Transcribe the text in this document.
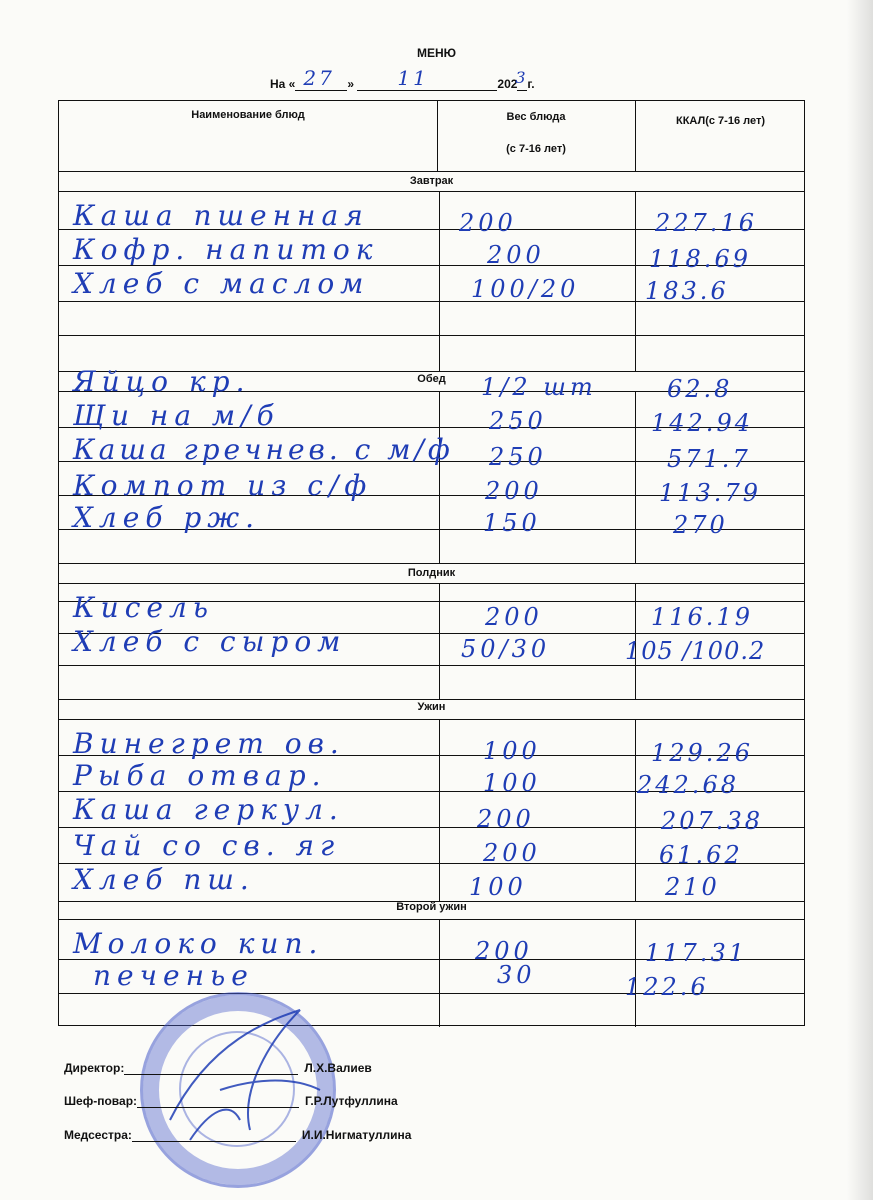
МЕНЮ
На « 27 » 11	202
3
г.
Наименование блюд	Вес блюда
(с 7-16 лет)
ККАЛ(с 7-16 лет)
Завтрак
Каша пшенная	200	227.16
Кофр. напиток	200	118.69
Хлеб с маслом	100/20	183.6
Обед
Яйцо кр.	1/2 шт	62.8
Щи на м/б	250	142.94
Каша гречнев. с м/ф 250	571.7
Компот из с/ф	200	113.79
Хлеб рж.	150	270
Полдник
Кисель	200	116.19
Хлеб с сыром	50/30	105 /100.2
Ужин
Винегрет ов.	100	129.26
Рыба отвар.	100	242.68
Каша геркул.	200	207.38
Чай со св. яг	200	61.62
Хлеб пш.	100	210
Второй ужин
Молоко кип.	200	117.31
печенье	30	122.6
Директор:	Л.Х.Валиев
Шеф-повар:	Г.Р.Лутфуллина
Медсестра:	И.И.Нигматуллина
